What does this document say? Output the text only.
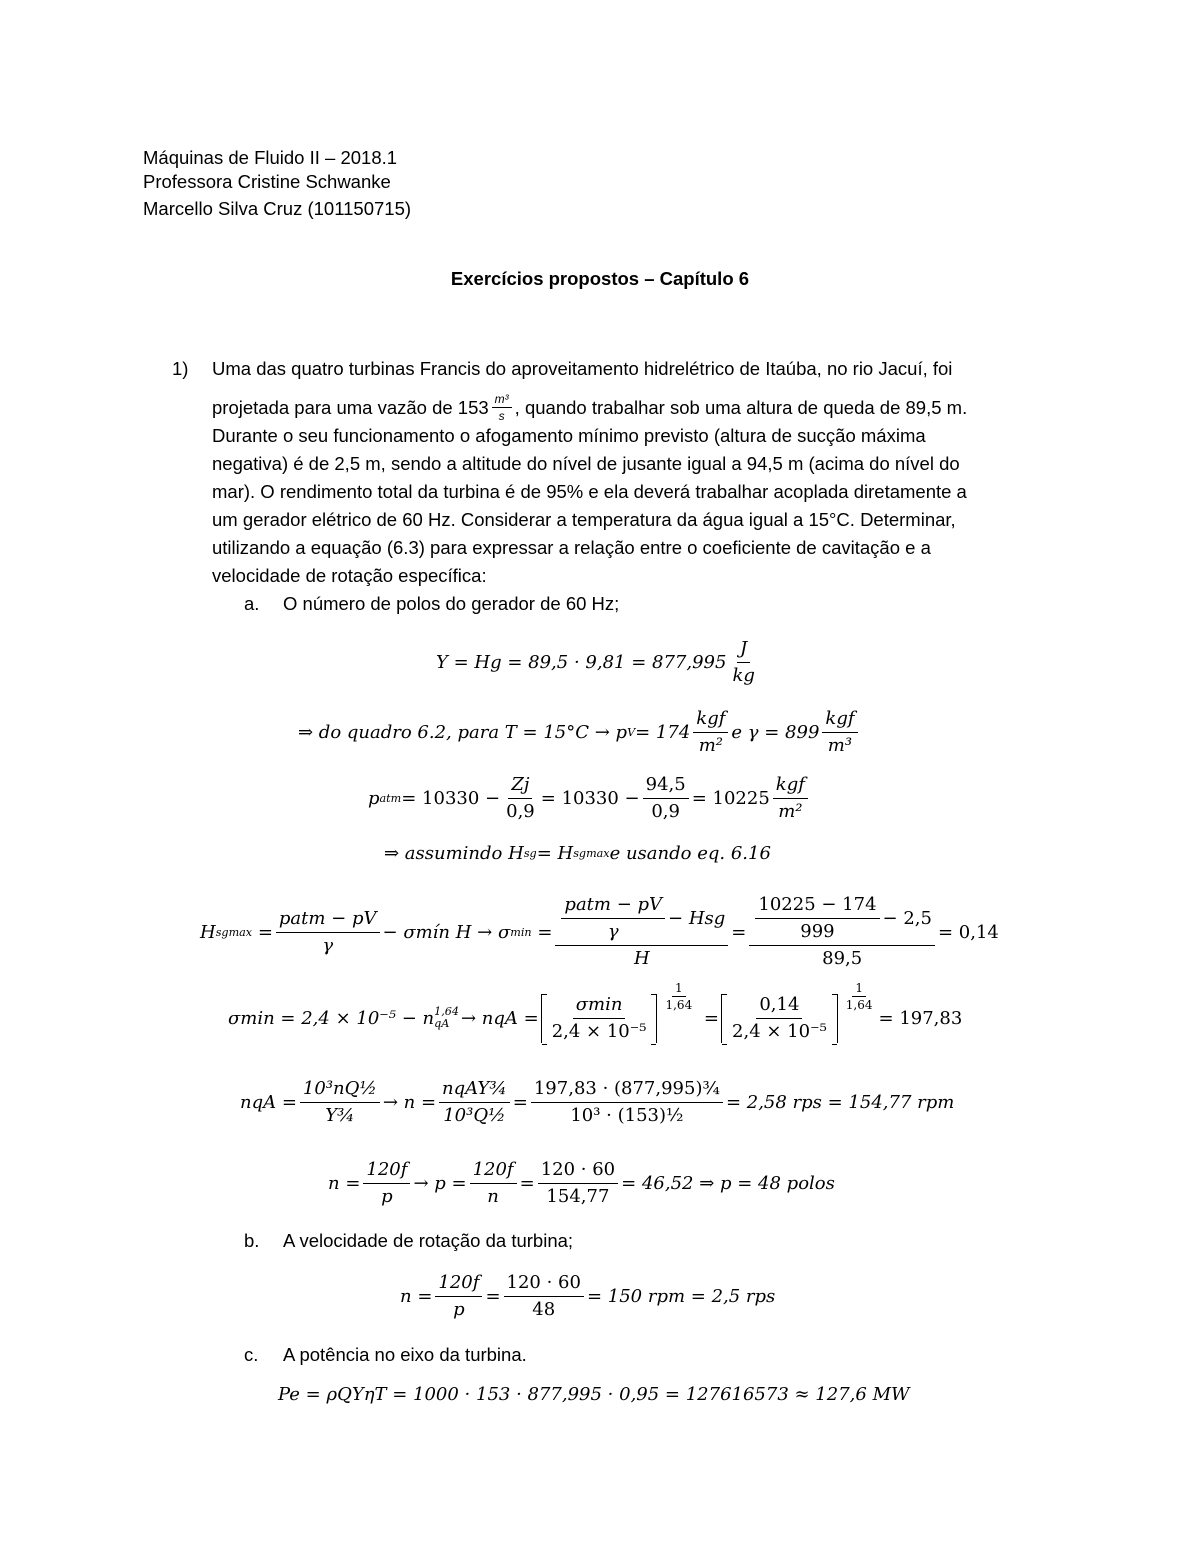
Máquinas de Fluido II – 2018.1
Professora Cristine Schwanke
Marcello Silva Cruz (101150715)
Exercícios propostos – Capítulo 6
1) Uma das quatro turbinas Francis do aproveitamento hidrelétrico de Itaúba, no rio Jacuí, foi
projetada para uma vazão de $153 \frac{\text{m³}}{s}$ , quando trabalhar sob uma altura de queda de 89,5 m.
Durante o seu funcionamento o afogamento mínimo previsto (altura de sucção máxima
negativa) é de 2,5 m, sendo a altitude do nível de jusante igual a 94,5 m (acima do nível do
mar). O rendimento total da turbina é de 95% e ela deverá trabalhar acoplada diretamente a
um gerador elétrico de 60 Hz. Considerar a temperatura da água igual a 15°C. Determinar,
utilizando a equação (6.3) para expressar a relação entre o coeficiente de cavitação e a
velocidade de rotação específica:
a. O número de polos do gerador de 60 Hz;
$Y = Hg = 89,5 \cdot 9,81 = 877,995 \frac{J}{kg}$
⇒ do quadro 6.2, para T = 15°C → p V = 174
kgf
m²
e γ = 899
kgf
m³
p atm = $10330 - \frac{Zj}{0,9} = 10330 - \frac{94,5}{0,9} = 10225$
kgf
m²
⇒ assumindo H sg = H sgmax e usando eq. 6.16
H sgmax =
patm − pV
γ
− σmín H → σ min =
patm − pV
γ
− Hsg
H
= 10225 − 174
999
− 2,5
89,5 = 0,14
σmin = 2,4 × 10⁻⁵ − n 1,64
qA → nqA =
σmin
2,4 × 10⁻⁵
$\frac{1}{1,64}$
= $\frac{0,14}{\text{2,4 × 10⁻⁵}} \frac{1}{1,64}$
= 197,83
nqA = $\frac{\text{10³nQ½}}{\text{Y¾}} \to n$ =
nqAY¾
10³Q½
= $\frac{\text{197,83 · (877,995)¾}}{\text{10³ · (153)½}} = 2,58$ rps = 154,77 rpm
$n = \frac{120f}{p} \to p = \frac{120f}{n} = \frac{120 \cdot 60}{154,77} = 46,52$ ⇒ p = 48 polos
b. A velocidade de rotação da turbina;
$n = \frac{120f}{p} = \frac{120 \cdot 60}{48} = 150$ rpm = 2,5 rps
c. A potência no eixo da turbina.
Pe = ρQYηT = 1000 · 153 · 877,995 · 0,95 = 127616573 ≈ 127,6 MW
